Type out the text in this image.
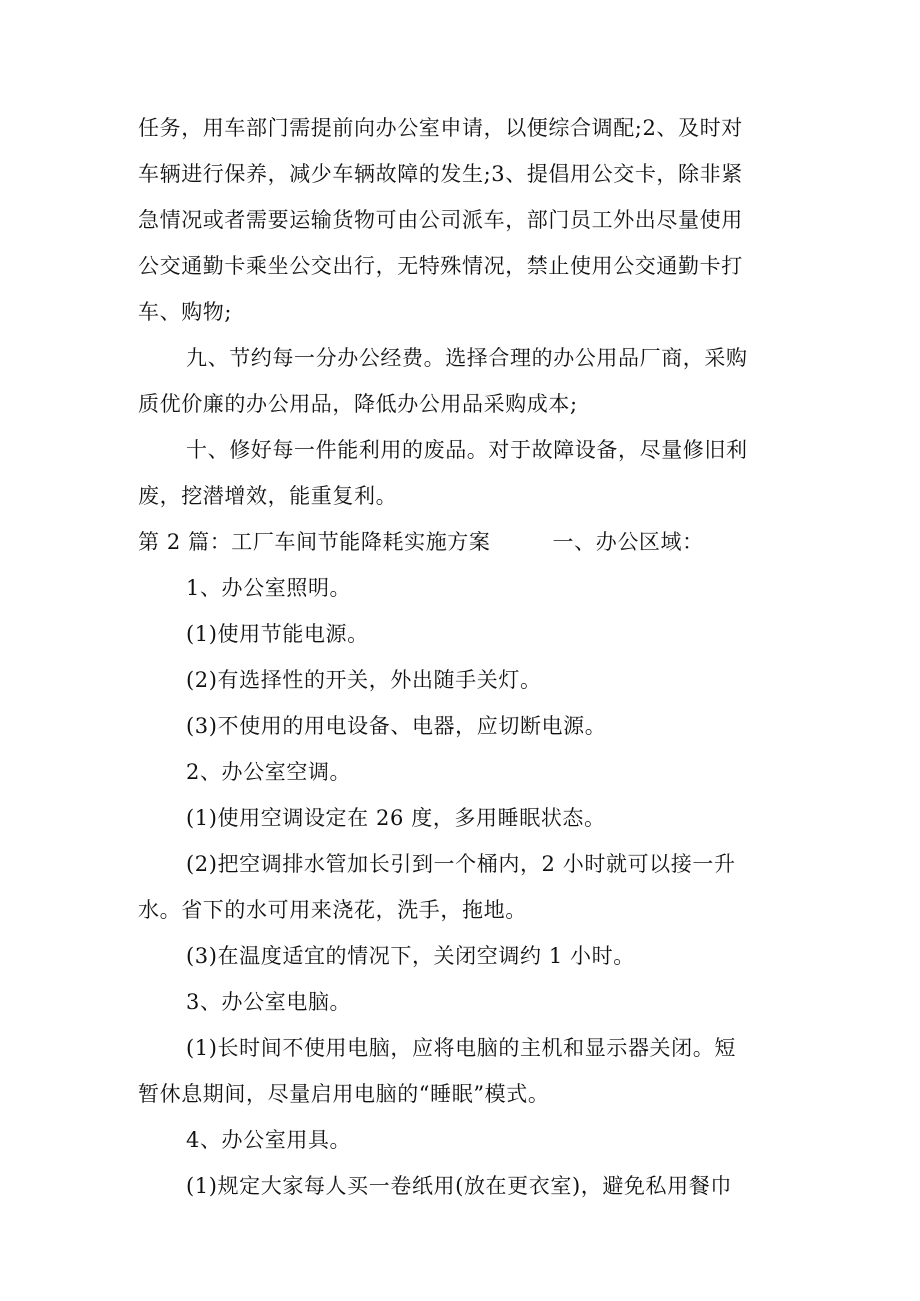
任务，用车部门需提前向办公室申请，以便综合调配;2、及时对
车辆进行保养，减少车辆故障的发生;3、提倡用公交卡，除非紧
急情况或者需要运输货物可由公司派车，部门员工外出尽量使用
公交通勤卡乘坐公交出行，无特殊情况，禁止使用公交通勤卡打
车、购物;
九、节约每一分办公经费。选择合理的办公用品厂商，采购
质优价廉的办公用品，降低办公用品采购成本;
十、修好每一件能利用的废品。对于故障设备，尽量修旧利
废，挖潜增效，能重复利。
第 2 篇：工厂车间节能降耗实施方案	一、办公区域：
1、办公室照明。
(1)使用节能电源。
(2)有选择性的开关，外出随手关灯。
(3)不使用的用电设备、电器，应切断电源。
2、办公室空调。
(1)使用空调设定在 26 度，多用睡眠状态。
(2)把空调排水管加长引到一个桶内，2 小时就可以接一升
水。省下的水可用来浇花，洗手，拖地。
(3)在温度适宜的情况下，关闭空调约 1 小时。
3、办公室电脑。
(1)长时间不使用电脑，应将电脑的主机和显示器关闭。短
暂休息期间，尽量启用电脑的“睡眠”模式。
4、办公室用具。
(1)规定大家每人买一卷纸用(放在更衣室)，避免私用餐巾
